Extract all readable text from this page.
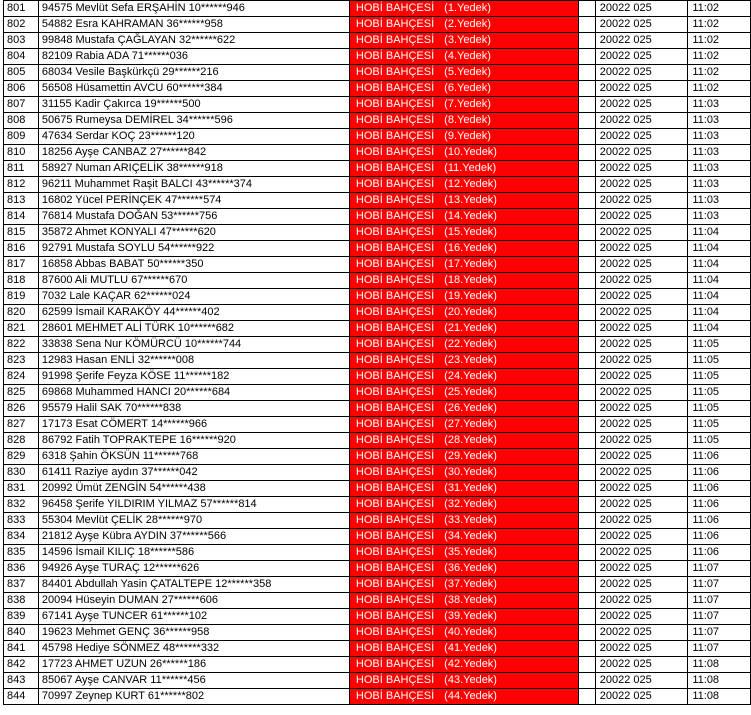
801	94575 Mevlüt Sefa ERŞAHİN 10******946	HOBİ BAHÇESİ (1.Yedek)		20022 025	11:02
802	54882 Esra KAHRAMAN 36******958	HOBİ BAHÇESİ (2.Yedek)		20022 025	11:02
803	99848 Mustafa ÇAĞLAYAN 32******622	HOBİ BAHÇESİ (3.Yedek)		20022 025	11:02
804	82109 Rabia ADA 71******036	HOBİ BAHÇESİ (4.Yedek)		20022 025	11:02
805	68034 Vesile Başkürkçü 29******216	HOBİ BAHÇESİ (5.Yedek)		20022 025	11:02
806	56508 Hüsamettin AVCU 60******384	HOBİ BAHÇESİ (6.Yedek)		20022 025	11:02
807	31155 Kadir Çakırca 19******500	HOBİ BAHÇESİ (7.Yedek)		20022 025	11:03
808	50675 Rumeysa DEMİREL 34******596	HOBİ BAHÇESİ (8.Yedek)		20022 025	11:03
809	47634 Serdar KOÇ 23******120	HOBİ BAHÇESİ (9.Yedek)		20022 025	11:03
810	18256 Ayşe CANBAZ 27******842	HOBİ BAHÇESİ (10.Yedek)		20022 025	11:03
811	58927 Numan ARIÇELİK 38******918	HOBİ BAHÇESİ (11.Yedek)		20022 025	11:03
812	96211 Muhammet Raşit BALCI 43******374	HOBİ BAHÇESİ (12.Yedek)		20022 025	11:03
813	16802 Yücel PERİNÇEK 47******574	HOBİ BAHÇESİ (13.Yedek)		20022 025	11:03
814	76814 Mustafa DOĞAN 53******756	HOBİ BAHÇESİ (14.Yedek)		20022 025	11:03
815	35872 Ahmet KONYALI 47******620	HOBİ BAHÇESİ (15.Yedek)		20022 025	11:04
816	92791 Mustafa SOYLU 54******922	HOBİ BAHÇESİ (16.Yedek)		20022 025	11:04
817	16858 Abbas BABAT 50******350	HOBİ BAHÇESİ (17.Yedek)		20022 025	11:04
818	87600 Ali MUTLU 67******670	HOBİ BAHÇESİ (18.Yedek)		20022 025	11:04
819	7032 Lale KAÇAR 62******024	HOBİ BAHÇESİ (19.Yedek)		20022 025	11:04
820	62599 İsmail KARAKÖY 44******402	HOBİ BAHÇESİ (20.Yedek)		20022 025	11:04
821	28601 MEHMET ALİ TÜRK 10******682	HOBİ BAHÇESİ (21.Yedek)		20022 025	11:04
822	33838 Sena Nur KÖMÜRCÜ 10******744	HOBİ BAHÇESİ (22.Yedek)		20022 025	11:05
823	12983 Hasan ENLİ 32******008	HOBİ BAHÇESİ (23.Yedek)		20022 025	11:05
824	91998 Şerife Feyza KÖSE 11******182	HOBİ BAHÇESİ (24.Yedek)		20022 025	11:05
825	69868 Muhammed HANCI 20******684	HOBİ BAHÇESİ (25.Yedek)		20022 025	11:05
826	95579 Halil SAK 70******838	HOBİ BAHÇESİ (26.Yedek)		20022 025	11:05
827	17173 Esat CÖMERT 14******966	HOBİ BAHÇESİ (27.Yedek)		20022 025	11:05
828	86792 Fatih TOPRAKTEPE 16******920	HOBİ BAHÇESİ (28.Yedek)		20022 025	11:05
829	6318 Şahin ÖKSÜN 11******768	HOBİ BAHÇESİ (29.Yedek)		20022 025	11:06
830	61411 Raziye aydın 37******042	HOBİ BAHÇESİ (30.Yedek)		20022 025	11:06
831	20992 Ümüt ZENGİN 54******438	HOBİ BAHÇESİ (31.Yedek)		20022 025	11:06
832	96458 Şerife YILDIRIM YILMAZ 57******814	HOBİ BAHÇESİ (32.Yedek)		20022 025	11:06
833	55304 Mevlüt ÇELİK 28******970	HOBİ BAHÇESİ (33.Yedek)		20022 025	11:06
834	21812 Ayşe Kübra AYDIN 37******566	HOBİ BAHÇESİ (34.Yedek)		20022 025	11:06
835	14596 İsmail KILIÇ 18******586	HOBİ BAHÇESİ (35.Yedek)		20022 025	11:06
836	94926 Ayşe TURAÇ 12******626	HOBİ BAHÇESİ (36.Yedek)		20022 025	11:07
837	84401 Abdullah Yasin ÇATALTEPE 12******358	HOBİ BAHÇESİ (37.Yedek)		20022 025	11:07
838	20094 Hüseyin DUMAN 27******606	HOBİ BAHÇESİ (38.Yedek)		20022 025	11:07
839	67141 Ayşe TUNCER 61******102	HOBİ BAHÇESİ (39.Yedek)		20022 025	11:07
840	19623 Mehmet GENÇ 36******958	HOBİ BAHÇESİ (40.Yedek)		20022 025	11:07
841	45798 Hediye SÖNMEZ 48******332	HOBİ BAHÇESİ (41.Yedek)		20022 025	11:07
842	17723 AHMET UZUN 26******186	HOBİ BAHÇESİ (42.Yedek)		20022 025	11:08
843	85067 Ayşe CANVAR 11******456	HOBİ BAHÇESİ (43.Yedek)		20022 025	11:08
844	70997 Zeynep KURT 61******802	HOBİ BAHÇESİ (44.Yedek)		20022 025	11:08
